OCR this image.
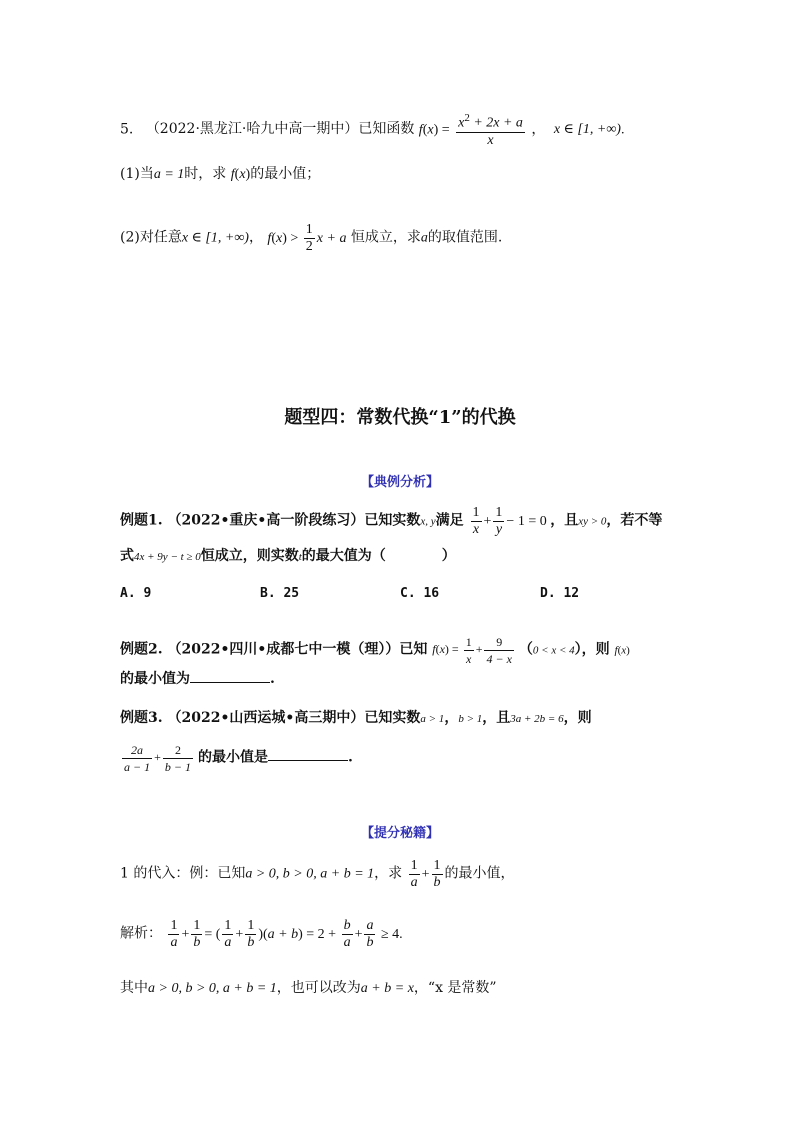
5. （2022·黑龙江·哈九中高一期中）已知函数 $f(x) = \frac{x^2 + 2x + a}{x}$ ， x ∈ [1, +∞).
(1)当a = 1时，求 f(x)的最小值；
(2)对任意x ∈ [1, +∞)， $f(x) > \frac{1}{2}$ x + a 恒成立，求a的取值范围.
题型四：常数代换“1”的代换
【典例分析】
例题1. （2022•重庆•高一阶段练习）已知实数x, y满足 $\frac{1}{x} + \frac{1}{y} - 1 = 0$ ，且xy > 0，若不等
式4x + 9y − t ≥ 0恒成立，则实数t的最大值为（　　　　）
A. 9	B. 25	C. 16	D. 12
例题2. （2022•四川•成都七中一模（理））已知 $f(x) = \frac{1}{x} + \frac{9}{4 - x} (0 < x < 4)$，则 f(x)
的最小值为	.
例题3. （2022•山西运城•高三期中）已知实数a > 1，b > 1，且3a + 2b = 6，则
$\frac{2a}{a - 1} + \frac{2}{b - 1}$ 的最小值是	.
【提分秘籍】
1 的代入：例：已知a > 0, b > 0, a + b = 1，求 $\frac{1}{a} + \frac{1}{b}$ 的最小值，
解析： $\frac{1}{a} + \frac{1}{b}$ = ( $\frac{1}{a} + \frac{1}{b} )(a + b) = 2 + \frac{b}{a} + \frac{a}{b} \ge 4$.
其中a > 0, b > 0, a + b = 1，也可以改为a + b = x，“x 是常数”
